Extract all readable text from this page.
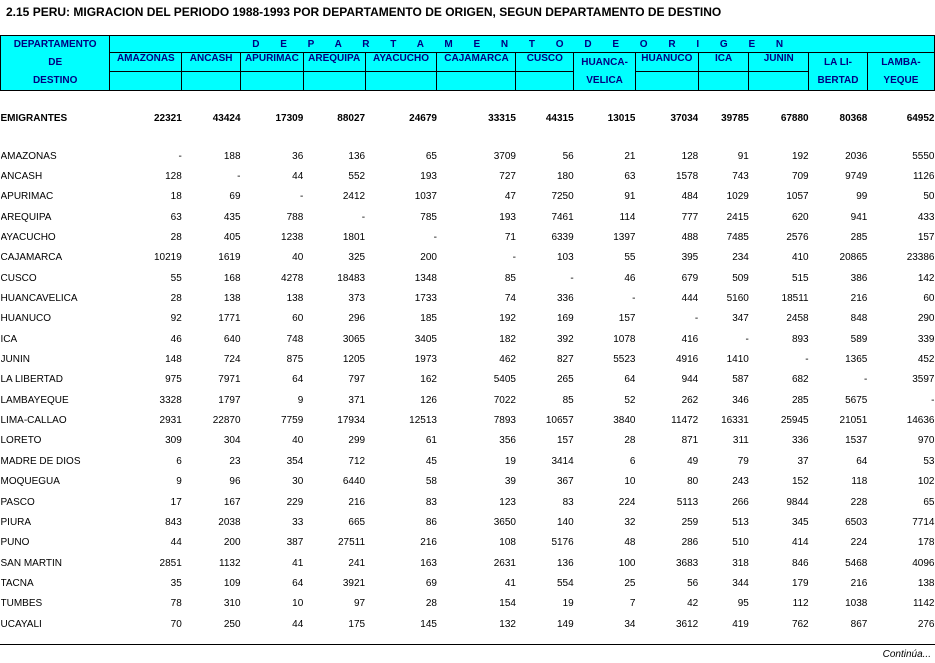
2.15 PERU: MIGRACION DEL PERIODO 1988-1993 POR DEPARTAMENTO DE ORIGEN, SEGUN DEPARTAMENTO DE DESTINO
DEPARTAMENTO	D E P A R T A M E N T O D E O R I G E N												
DE	AMAZONAS	ANCASH	APURIMAC	AREQUIPA	AYACUCHO	CAJAMARCA	CUSCO	HUANCA-	HUANUCO	ICA	JUNIN	LA LI-	LAMBA-
DESTINO								VELICA				BERTAD	YEQUE

EMIGRANTES	22321	43424	17309	88027	24679	33315	44315	13015	37034	39785	67880	80368	64952

AMAZONAS	-	188	36	136	65	3709	56	21	128	91	192	2036	5550
ANCASH	128	-	44	552	193	727	180	63	1578	743	709	9749	1126
APURIMAC	18	69	-	2412	1037	47	7250	91	484	1029	1057	99	50
AREQUIPA	63	435	788	-	785	193	7461	114	777	2415	620	941	433
AYACUCHO	28	405	1238	1801	-	71	6339	1397	488	7485	2576	285	157
CAJAMARCA	10219	1619	40	325	200	-	103	55	395	234	410	20865	23386
CUSCO	55	168	4278	18483	1348	85	-	46	679	509	515	386	142
HUANCAVELICA	28	138	138	373	1733	74	336	-	444	5160	18511	216	60
HUANUCO	92	1771	60	296	185	192	169	157	-	347	2458	848	290
ICA	46	640	748	3065	3405	182	392	1078	416	-	893	589	339
JUNIN	148	724	875	1205	1973	462	827	5523	4916	1410	-	1365	452
LA LIBERTAD	975	7971	64	797	162	5405	265	64	944	587	682	-	3597
LAMBAYEQUE	3328	1797	9	371	126	7022	85	52	262	346	285	5675	-
LIMA-CALLAO	2931	22870	7759	17934	12513	7893	10657	3840	11472	16331	25945	21051	14636
LORETO	309	304	40	299	61	356	157	28	871	311	336	1537	970
MADRE DE DIOS	6	23	354	712	45	19	3414	6	49	79	37	64	53
MOQUEGUA	9	96	30	6440	58	39	367	10	80	243	152	118	102
PASCO	17	167	229	216	83	123	83	224	5113	266	9844	228	65
PIURA	843	2038	33	665	86	3650	140	32	259	513	345	6503	7714
PUNO	44	200	387	27511	216	108	5176	48	286	510	414	224	178
SAN MARTIN	2851	1132	41	241	163	2631	136	100	3683	318	846	5468	4096
TACNA	35	109	64	3921	69	41	554	25	56	344	179	216	138
TUMBES	78	310	10	97	28	154	19	7	42	95	112	1038	1142
UCAYALI	70	250	44	175	145	132	149	34	3612	419	762	867	276
Continúa...
